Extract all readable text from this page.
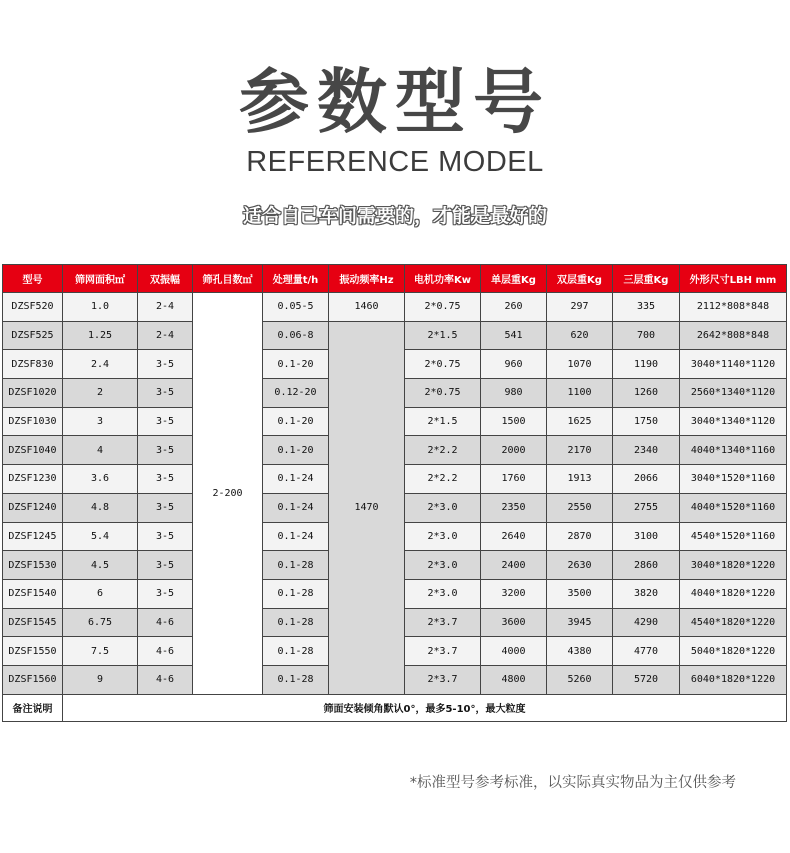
参数型号
REFERENCE MODEL
适合自己车间需要的，才能是最好的
型号	筛网面积㎡	双振幅	筛孔目数㎡	处理量t/h	振动频率Hz	电机功率Kw	单层重Kg	双层重Kg	三层重Kg	外形尺寸LBH mm
DZSF520	1.0	2-4	2-200	0.05-5	1460	2*0.75	260	297	335	2112*808*848
DZSF525	1.25	2-4		0.06-8	1470	2*1.5	541	620	700	2642*808*848
DZSF830	2.4	3-5		0.1-20		2*0.75	960	1070	1190	3040*1140*1120
DZSF1020	2	3-5		0.12-20		2*0.75	980	1100	1260	2560*1340*1120
DZSF1030	3	3-5		0.1-20		2*1.5	1500	1625	1750	3040*1340*1120
DZSF1040	4	3-5		0.1-20		2*2.2	2000	2170	2340	4040*1340*1160
DZSF1230	3.6	3-5		0.1-24		2*2.2	1760	1913	2066	3040*1520*1160
DZSF1240	4.8	3-5		0.1-24		2*3.0	2350	2550	2755	4040*1520*1160
DZSF1245	5.4	3-5		0.1-24		2*3.0	2640	2870	3100	4540*1520*1160
DZSF1530	4.5	3-5		0.1-28		2*3.0	2400	2630	2860	3040*1820*1220
DZSF1540	6	3-5		0.1-28		2*3.0	3200	3500	3820	4040*1820*1220
DZSF1545	6.75	4-6		0.1-28		2*3.7	3600	3945	4290	4540*1820*1220
DZSF1550	7.5	4-6		0.1-28		2*3.7	4000	4380	4770	5040*1820*1220
DZSF1560	9	4-6		0.1-28		2*3.7	4800	5260	5720	6040*1820*1220
备注说明	筛面安装倾角默认0°，最多5-10°，最大粒度									
*标准型号参考标准，以实际真实物品为主仅供参考
